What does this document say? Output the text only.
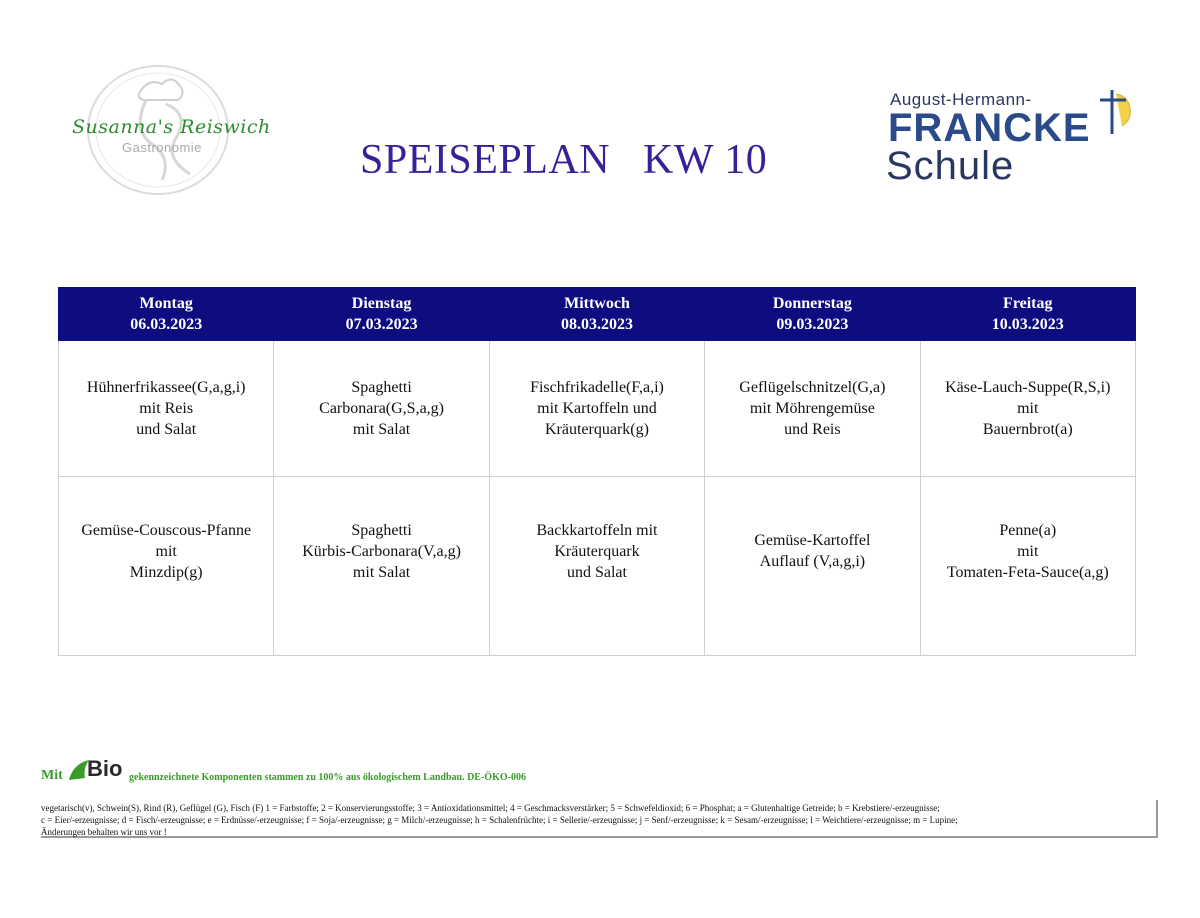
Susanna's Reiswich
Gastronomie	SPEISEPLAN   KW 10
August-Hermann-
FRANCKE
Schule
Montag
06.03.2023	Dienstag
07.03.2023	Mittwoch
08.03.2023	Donnerstag
09.03.2023	Freitag
10.03.2023
Hühnerfrikassee(G,a,g,i)
mit Reis
und Salat	Spaghetti
Carbonara(G,S,a,g)
mit Salat	Fischfrikadelle(F,a,i)
mit Kartoffeln und
Kräuterquark(g)	Geflügelschnitzel(G,a)
mit Möhrengemüse
und Reis	Käse-Lauch-Suppe(R,S,i)
mit
Bauernbrot(a)
Gemüse-Couscous-Pfanne
mit
Minzdip(g)	Spaghetti
Kürbis-Carbonara(V,a,g)
mit Salat	Backkartoffeln mit
Kräuterquark
und Salat	Gemüse-Kartoffel
Auflauf (V,a,g,i)	Penne(a)
mit
Tomaten-Feta-Sauce(a,g)
Mit Bio gekennzeichnete Komponenten stammen zu 100% aus ökologischem Landbau. DE-ÖKO-006
vegetarisch(v), Schwein(S), Rind (R), Geflügel (G), Fisch (F) 1 = Farbstoffe; 2 = Konservierungsstoffe; 3 = Antioxidationsmittel; 4 = Geschmacksverstärker; 5 = Schwefeldioxid; 6 = Phosphat; a = Glutenhaltige Getreide; b = Krebstiere/-erzeugnisse;
c = Eier/-erzeugnisse; d = Fisch/-erzeugnisse; e = Erdnüsse/-erzeugnisse; f = Soja/-erzeugnisse; g = Milch/-erzeugnisse; h = Schalenfrüchte; i = Sellerie/-erzeugnisse; j = Senf/-erzeugnisse; k = Sesam/-erzeugnisse; l = Weichtiere/-erzeugnisse; m = Lupine;
Änderungen behalten wir uns vor !
